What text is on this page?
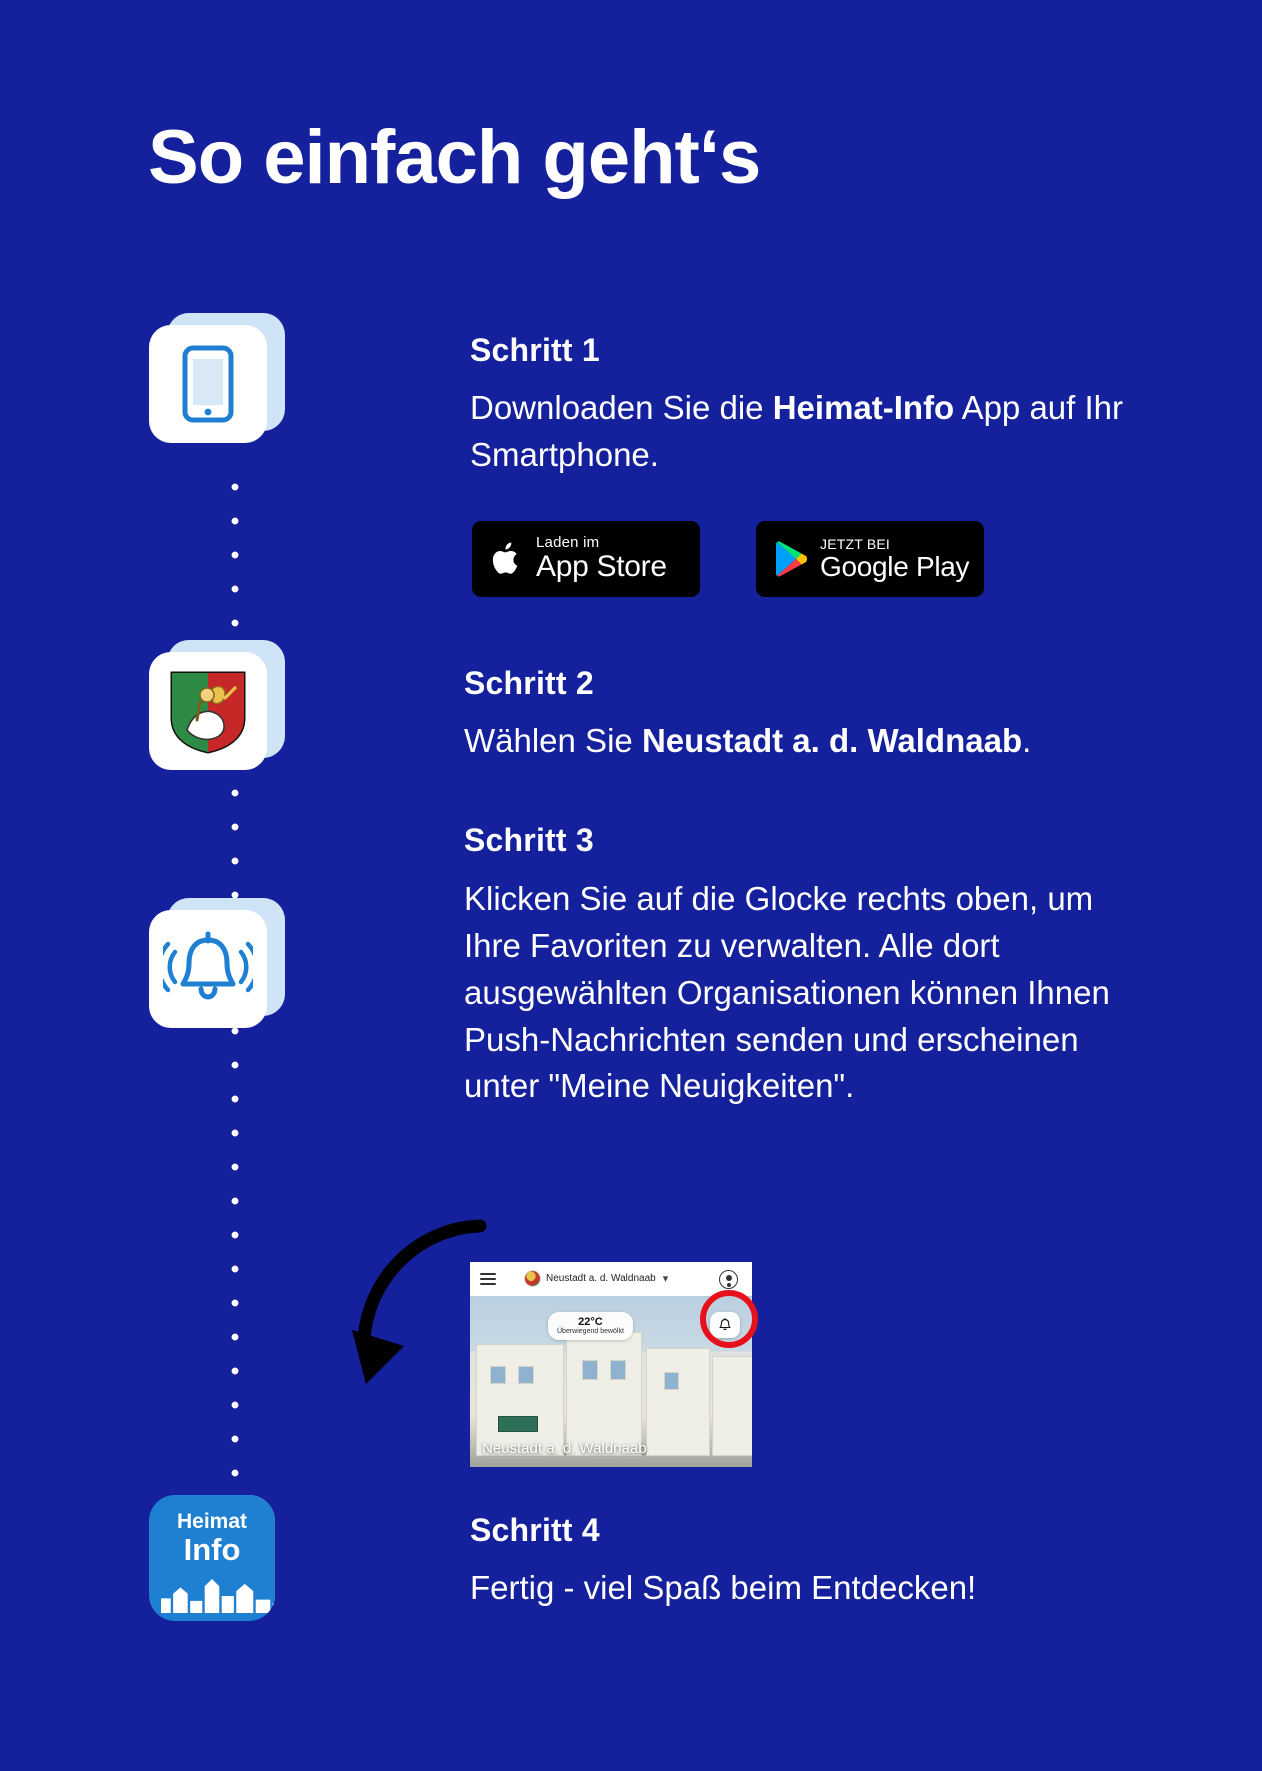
So einfach geht‘s
Heimat
Info
Schritt 1
Downloaden Sie die Heimat-Info App auf Ihr Smartphone.
Laden im
App Store
JETZT BEI
Google Play
Schritt 2
Wählen Sie Neustadt a. d. Waldnaab.
Schritt 3
Klicken Sie auf die Glocke rechts oben, um Ihre Favoriten zu verwalten. Alle dort ausgewählten Organisationen können Ihnen Push-Nachrichten senden und erscheinen unter "Meine Neuigkeiten".
Neustadt a. d. Waldnaab ▾
22°C
Überwiegend bewölkt
Neustadt a. d. Waldnaab
Schritt 4
Fertig - viel Spaß beim Entdecken!
